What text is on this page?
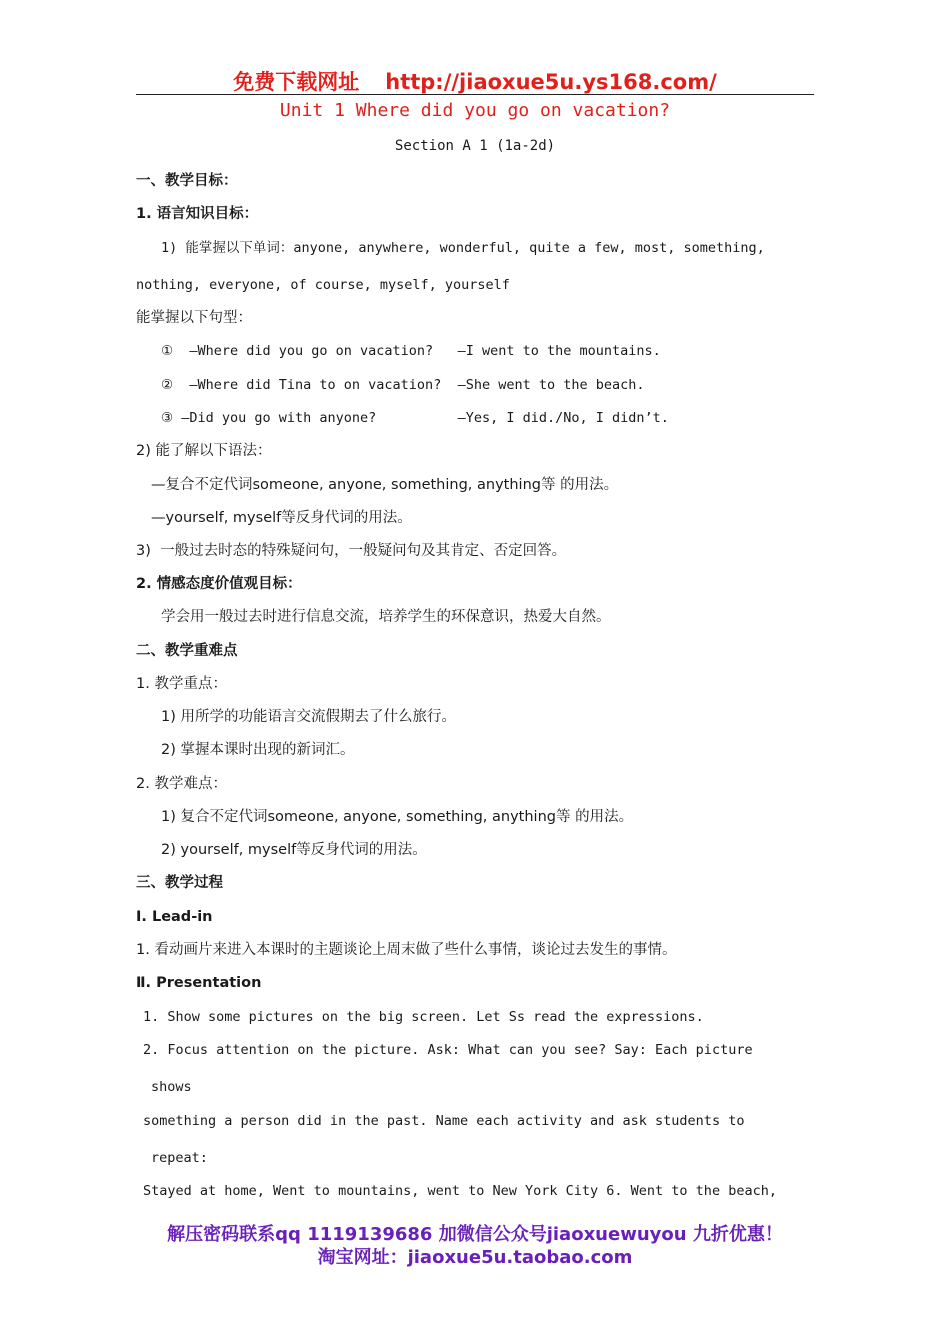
免费下载网址 http://jiaoxue5u.ys168.com/
Unit 1 Where did you go on vacation?
Section A 1 (1a-2d)
一、教学目标：
1. 语言知识目标：
1) 能掌握以下单词：anyone, anywhere, wonderful, quite a few, most, something,
nothing, everyone, of course, myself, yourself
能掌握以下句型：
①  —Where did you go on vacation?   —I went to the mountains.
②  —Where did Tina to on vacation?  —She went to the beach.
③ —Did you go with anyone?          —Yes, I did./No, I didn’t.
2) 能了解以下语法：
—复合不定代词someone, anyone, something, anything等 的用法。
—yourself, myself等反身代词的用法。
3)  一般过去时态的特殊疑问句，一般疑问句及其肯定、否定回答。
2. 情感态度价值观目标：
学会用一般过去时进行信息交流，培养学生的环保意识，热爱大自然。
二、教学重难点
1. 教学重点：
1) 用所学的功能语言交流假期去了什么旅行。
2) 掌握本课时出现的新词汇。
2. 教学难点：
1) 复合不定代词someone, anyone, something, anything等 的用法。
2) yourself, myself等反身代词的用法。
三、教学过程
Ⅰ. Lead-in
1. 看动画片来进入本课时的主题谈论上周末做了些什么事情，谈论过去发生的事情。
Ⅱ. Presentation
1. Show some pictures on the big screen. Let Ss read the expressions.
2. Focus attention on the picture. Ask: What can you see? Say: Each picture
shows
something a person did in the past. Name each activity and ask students to
repeat:
Stayed at home, Went to mountains, went to New York City 6. Went to the beach,
解压密码联系qq 1119139686 加微信公众号jiaoxuewuyou 九折优惠！
淘宝网址：jiaoxue5u.taobao.com
